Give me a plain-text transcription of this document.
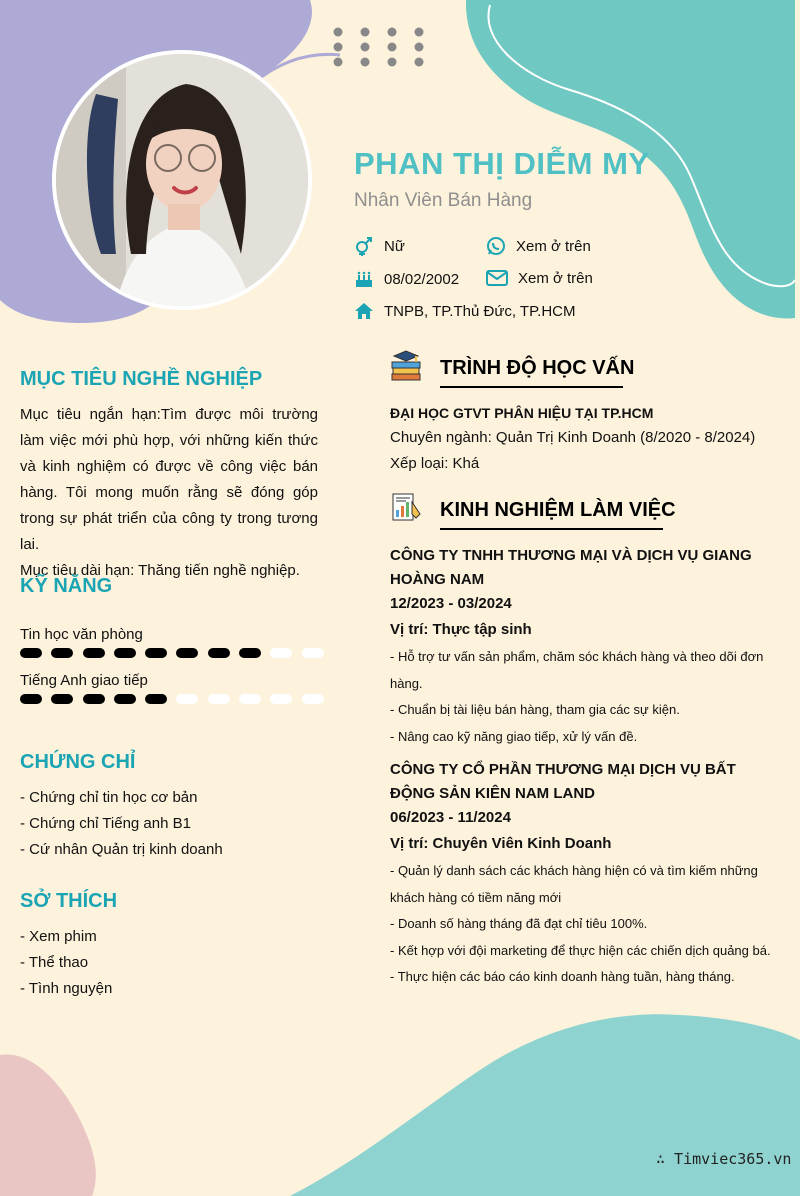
PHAN THỊ DIỄM MY
Nhân Viên Bán Hàng
Nữ	Xem ở trên
08/02/2002	Xem ở trên
TNPB, TP.Thủ Đức, TP.HCM
MỤC TIÊU NGHỀ NGHIỆP

Mục tiêu ngắn hạn:Tìm được môi trường làm việc mới phù hợp, với những kiến thức và kinh nghiệm có được về công việc bán hàng. Tôi mong muốn rằng sẽ đóng góp trong sự phát triển của công ty trong tương lai.

Mục tiêu dài hạn: Thăng tiến nghề nghiệp.

KỸ NĂNG
Tin học văn phòng
Tiếng Anh giao tiếp
CHỨNG CHỈ
- Chứng chỉ tin học cơ bản
- Chứng chỉ Tiếng anh B1
- Cứ nhân Quản trị kinh doanh
SỞ THÍCH
- Xem phim
- Thể thao
- Tình nguyện
TRÌNH ĐỘ HỌC VẤN
ĐẠI HỌC GTVT PHÂN HIỆU TẠI TP.HCM
Chuyên ngành: Quản Trị Kinh Doanh (8/2020 - 8/2024)
Xếp loại: Khá
KINH NGHIỆM LÀM VIỆC
CÔNG TY TNHH THƯƠNG MẠI VÀ DỊCH VỤ GIANG HOÀNG NAM
12/2023 - 03/2024
Vị trí: Thực tập sinh
- Hỗ trợ tư vấn sản phẩm, chăm sóc khách hàng và theo dõi đơn hàng.
- Chuẩn bị tài liệu bán hàng, tham gia các sự kiện.
- Nâng cao kỹ năng giao tiếp, xử lý vấn đề.
CÔNG TY CỔ PHẦN THƯƠNG MẠI DỊCH VỤ BẤT ĐỘNG SẢN KIÊN NAM LAND
06/2023 - 11/2024
Vị trí: Chuyên Viên Kinh Doanh
- Quản lý danh sách các khách hàng hiện có và tìm kiếm những khách hàng có tiềm năng mới
- Doanh số hàng tháng đã đạt chỉ tiêu 100%.
- Kết hợp với đội marketing để thực hiện các chiến dịch quảng bá.
- Thực hiện các báo cáo kinh doanh hàng tuần, hàng tháng.
∴ Timviec365.vn
